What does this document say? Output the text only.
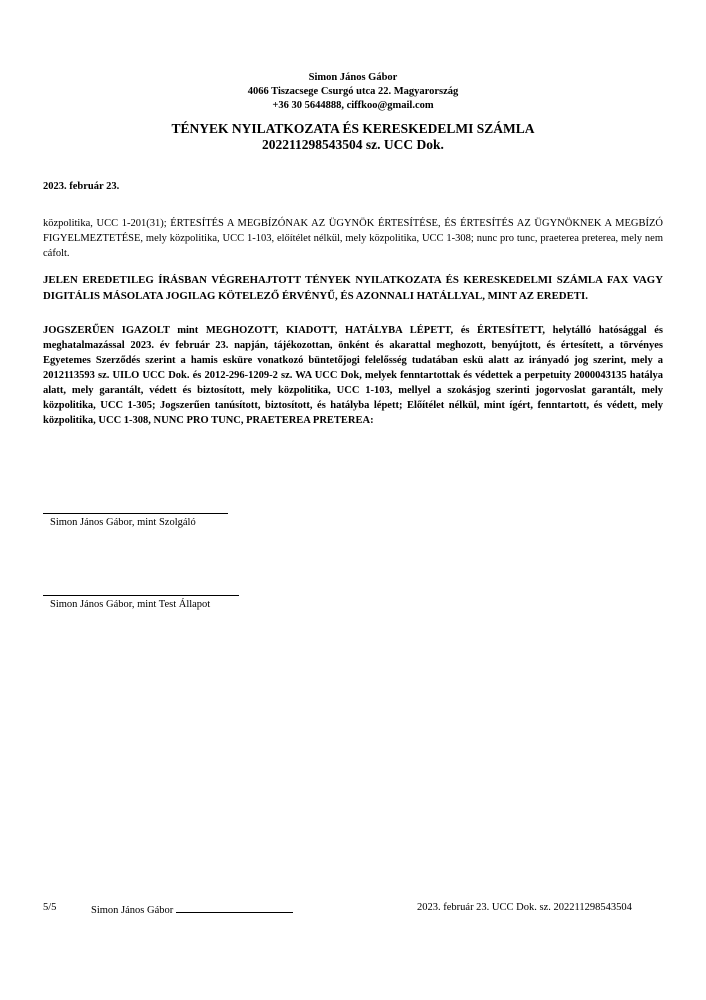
Simon János Gábor
4066 Tiszacsege Csurgó utca 22. Magyarország
+36 30 5644888, ciffkoo@gmail.com
TÉNYEK NYILATKOZATA ÉS KERESKEDELMI SZÁMLA
202211298543504 sz. UCC Dok.
2023. február 23.
közpolitika, UCC 1-201(31); ÉRTESÍTÉS A MEGBÍZÓNAK AZ ÜGYNÖK ÉRTESÍTÉSE, ÉS ÉRTESÍTÉS AZ ÜGYNÖKNEK A MEGBÍZÓ FIGYELMEZTETÉSE, mely közpolitika, UCC 1-103, előítélet nélkül, mely közpolitika, UCC 1-308; nunc pro tunc, praeterea preterea, mely nem cáfolt.
JELEN EREDETILEG ÍRÁSBAN VÉGREHAJTOTT TÉNYEK NYILATKOZATA ÉS KERESKEDELMI SZÁMLA FAX VAGY DIGITÁLIS MÁSOLATA JOGILAG KÖTELEZŐ ÉRVÉNYŰ, ÉS AZONNALI HATÁLLYAL, MINT AZ EREDETI.
JOGSZERŰEN IGAZOLT mint MEGHOZOTT, KIADOTT, HATÁLYBA LÉPETT, és ÉRTESÍTETT, helytálló hatósággal és meghatalmazással 2023. év február 23. napján, tájékozottan, önként és akarattal meghozott, benyújtott, és értesített, a törvényes Egyetemes Szerződés szerint a hamis esküre vonatkozó büntetőjogi felelősség tudatában eskü alatt az irányadó jog szerint, mely a 2012113593 sz. UILO UCC Dok. és 2012-296-1209-2 sz. WA UCC Dok, melyek fenntartottak és védettek a perpetuity 2000043135 hatálya alatt, mely garantált, védett és biztosított, mely közpolitika, UCC 1-103, mellyel a szokásjog szerinti jogorvoslat garantált, mely közpolitika, UCC 1-305; Jogszerűen tanúsított, biztosított, és hatályba lépett; Előítélet nélkül, mint ígért, fenntartott, és védett, mely közpolitika, UCC 1-308, NUNC PRO TUNC, PRAETEREA PRETEREA:
Simon János Gábor, mint Szolgáló
Simon János Gábor, mint Test Állapot
5/5	Simon János Gábor	2023. február 23. UCC Dok. sz. 202211298543504
